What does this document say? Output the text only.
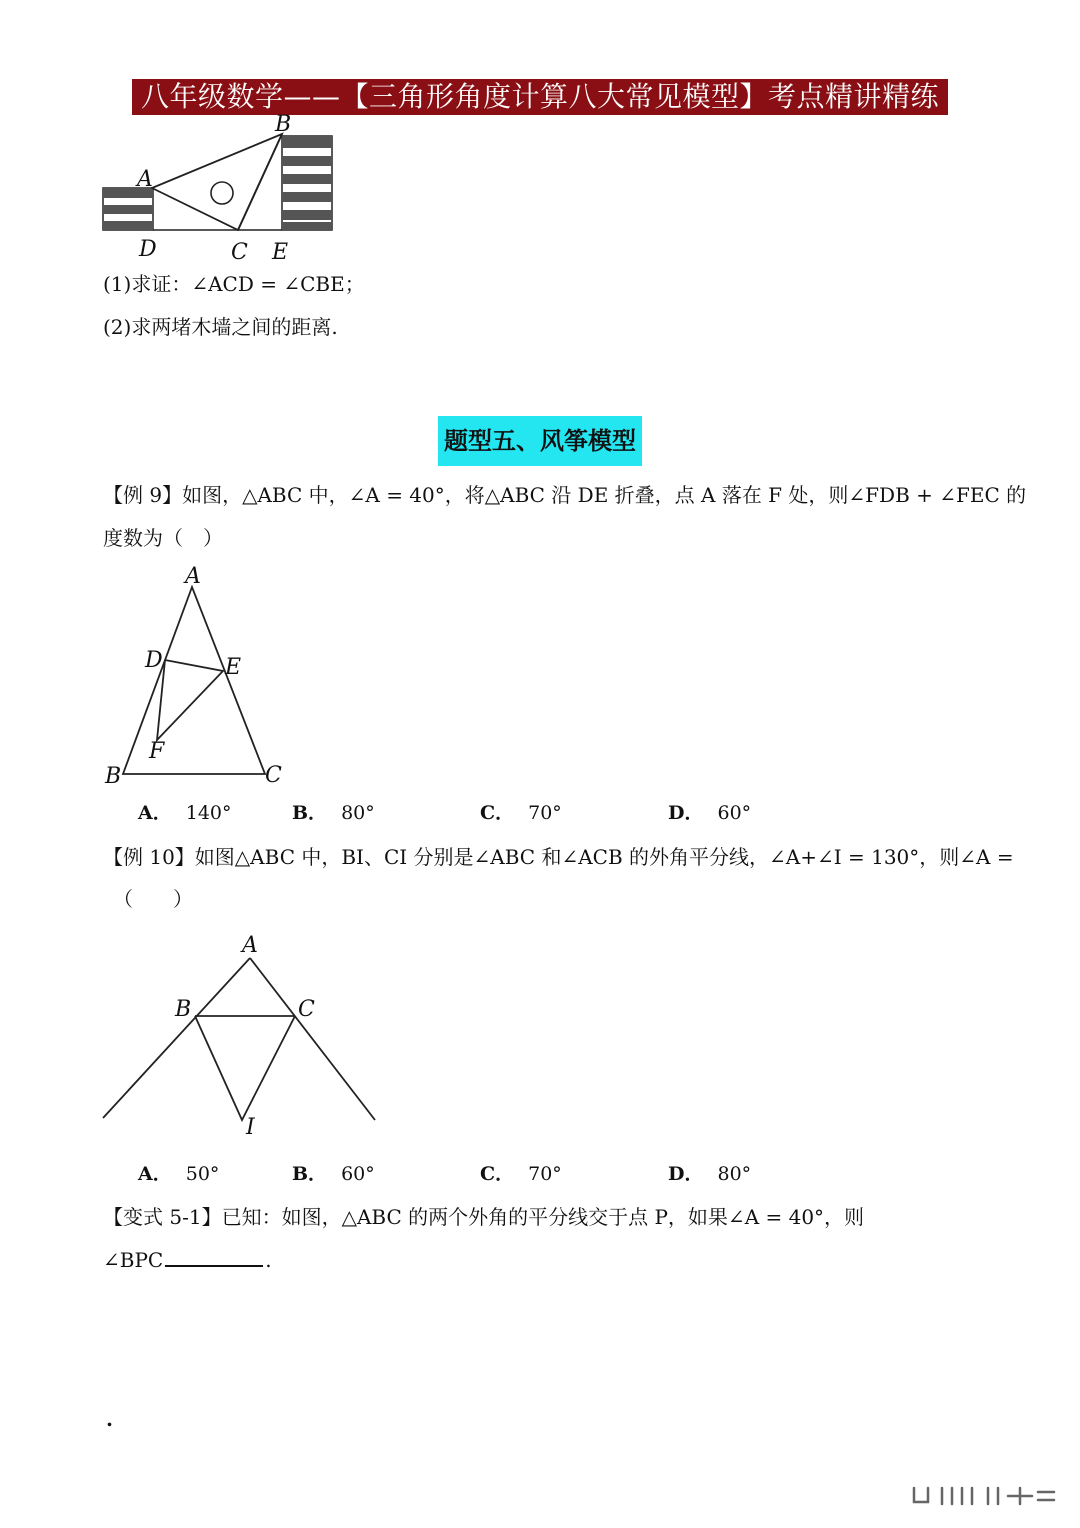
八年级数学——【三角形角度计算八大常见模型】考点精讲精练
A
B
C
D	E
(1)求证：∠ACD = ∠CBE；
(2)求两堵木墙之间的距离.
题型五、风筝模型
【例 9】如图，△ABC 中，∠A = 40°，将△ABC 沿 DE 折叠，点 A 落在 F 处，则∠FDB + ∠FEC 的
度数为（　）
A
D	E
F
B	C
A． 140°	B． 80°	C． 70°	D． 60°
【例 10】如图△ABC 中，BI、CI 分别是∠ABC 和∠ACB 的外角平分线，∠A+∠I = 130°，则∠A =
（　　）
A
B	C
I
A． 50°	B． 60°	C． 70°	D． 80°
【变式 5-1】已知：如图，△ABC 的两个外角的平分线交于点 P，如果∠A = 40°，则
∠BPC	.
.
